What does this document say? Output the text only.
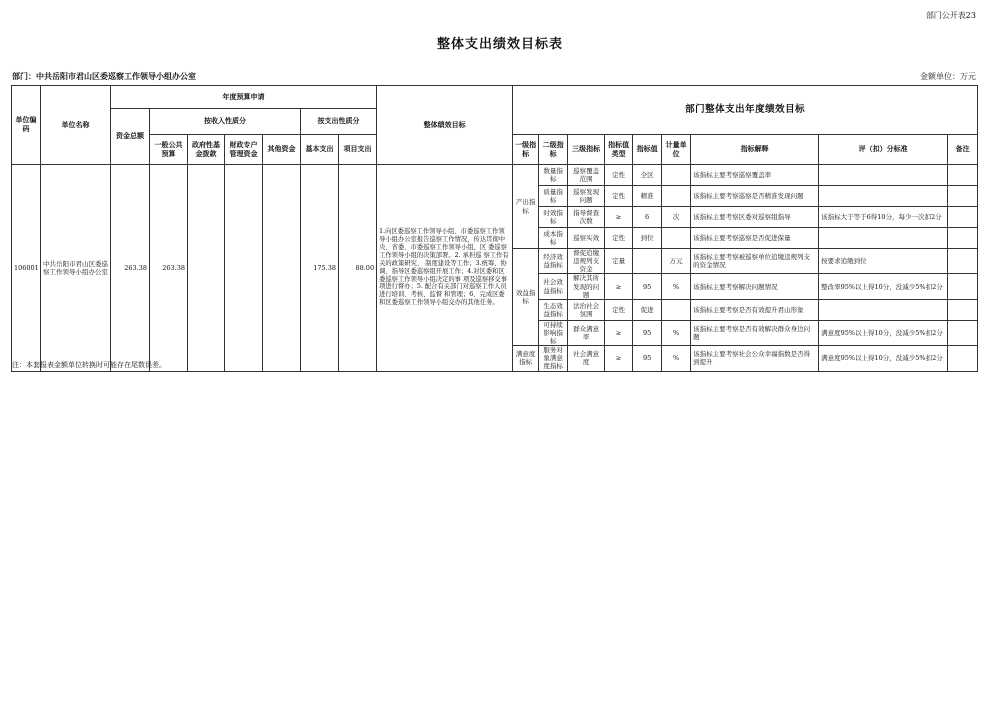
部门公开表23
整体支出绩效目标表
部门：中共岳阳市君山区委巡察工作领导小组办公室	金额单位：万元
单位编码	单位名称	年度预算申请							整体绩效目标	部门整体支出年度绩效目标								
		资金总额	按收入性质分				按支出性质分											
			一般公共预算	政府性基金拨款	财政专户管理资金	其他资金	基本支出	项目支出		一级指标	二级指标	三级指标	指标值类型	指标值	计量单位	指标解释	评（扣）分标准	备注
106001	中共岳阳市君山区委巡察工作领导小组办公室	263.38	263.38				175.38	88.00	1.向区委巡察工作领导小组、市委巡察工作领导小组办公室报告巡察工作情况，传达贯彻中央、省委、市委巡察工作领导小组、区 委巡察工作领导小组的决策部署。2. 承担巡 察工作有关的政策研究、 制度建设等工作；3.统筹、协调、指导区委巡察组开展工作；4.对区委和区委巡察工作领导小组决定的事 项及巡察移交事项进行督办；5. 配合有关部门对巡察工作人员进行培训、考核、监督 和管理；6、完成区委和区委巡察工作领导小组交办的其他任务。	产出指标	数量指标	巡察覆盖范围	定性	全区		该指标主要考察巡察覆盖率		
											质量指标	巡察发现问题	定性	精准		该指标主要考察巡察是否精准发现问题		
											时效指标	指导督查次数	≥	6	次	该指标主要考察区委对巡察组指导	该指标大于等于6得10分，每少一次扣2分	
											成本指标	巡察实效	定性	到位		该指标主要考察巡察是否促进保量		
										效益指标	经济效益指标	督促追缴违规列支资金	定量		万元	该指标主要考察被巡察单位追缴违规列支的资金情况	按要求追缴到位	
											社会效益指标	解决其所发现的问题	≥	95	%	该指标主要考察解决问题情况	整改率95%以上得10分，没减少5%扣2分	
											生态效益指标	法治社会氛围	定性	促进		该指标主要考察是否有效提升君山形象		
											可持续影响指标	群众满意率	≥	95	%	该指标主要考察是否有效解决群众身边问题	满意度95%以上得10分，没减少5%扣2分	
										满意度指标	服务对象满意度指标	社会满意度	≥	95	%	该指标主要考察社会公众幸福指数是否得到提升	满意度95%以上得10分，没减少5%扣2分	
注：本套报表金额单位转换时可能存在尾数误差。
